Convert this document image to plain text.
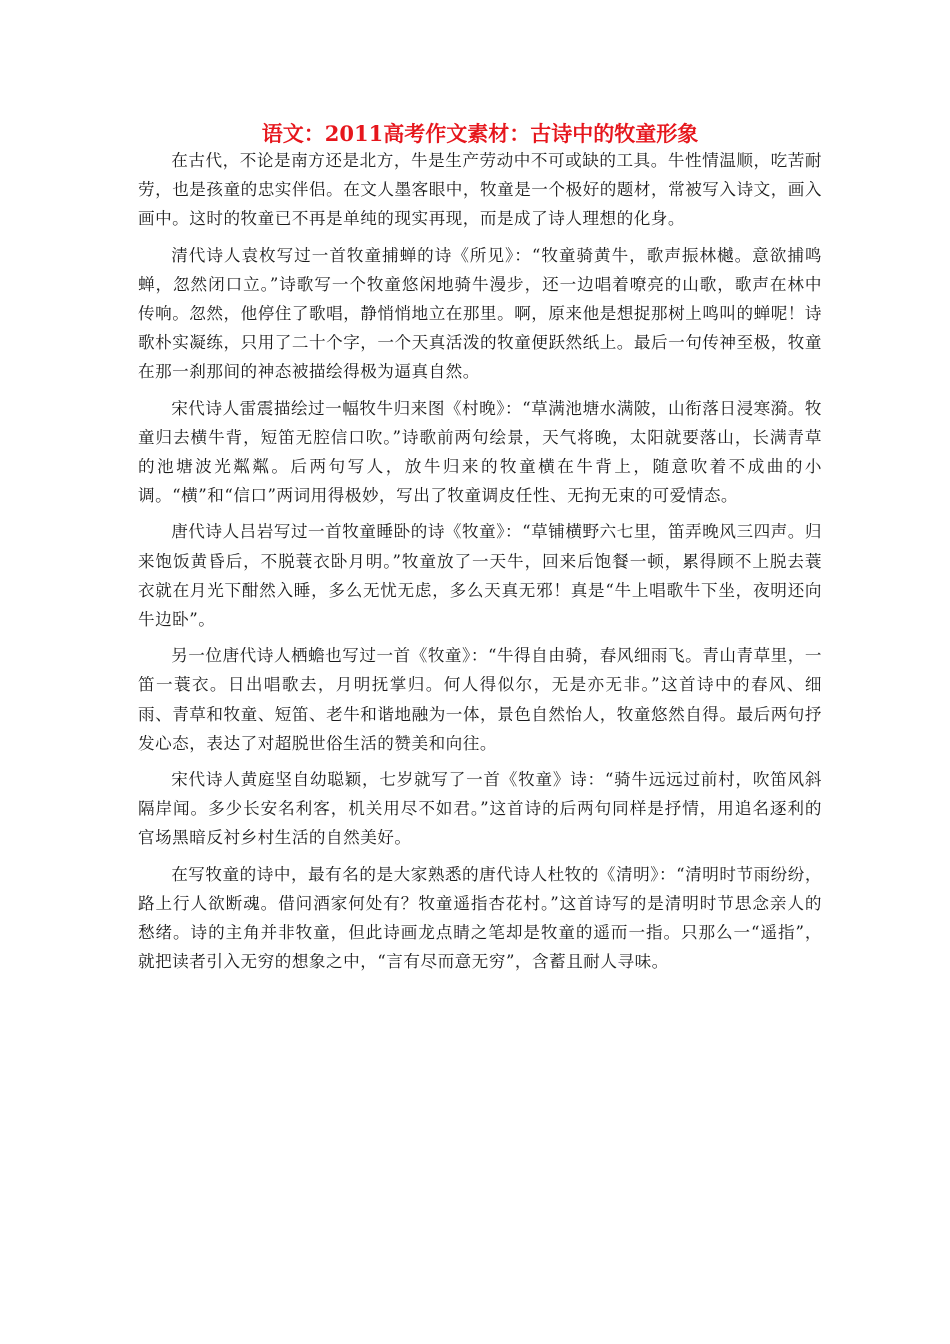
语文：2011高考作文素材：古诗中的牧童形象

在古代，不论是南方还是北方，牛是生产劳动中不可或缺的工具。牛性情温顺，吃苦耐劳，也是孩童的忠实伴侣。在文人墨客眼中，牧童是一个极好的题材，常被写入诗文，画入画中。这时的牧童已不再是单纯的现实再现，而是成了诗人理想的化身。

清代诗人袁枚写过一首牧童捕蝉的诗《所见》：“牧童骑黄牛，歌声振林樾。意欲捕鸣蝉，忽然闭口立。”诗歌写一个牧童悠闲地骑牛漫步，还一边唱着嘹亮的山歌，歌声在林中传响。忽然，他停住了歌唱，静悄悄地立在那里。啊，原来他是想捉那树上鸣叫的蝉呢！诗歌朴实凝练，只用了二十个字，一个天真活泼的牧童便跃然纸上。最后一句传神至极，牧童在那一刹那间的神态被描绘得极为逼真自然。

宋代诗人雷震描绘过一幅牧牛归来图《村晚》：“草满池塘水满陂，山衔落日浸寒漪。牧童归去横牛背，短笛无腔信口吹。”诗歌前两句绘景，天气将晚，太阳就要落山，长满青草的池塘波光粼粼。后两句写人，放牛归来的牧童横在牛背上，随意吹着不成曲的小调。“横”和“信口”两词用得极妙，写出了牧童调皮任性、无拘无束的可爱情态。

唐代诗人吕岩写过一首牧童睡卧的诗《牧童》：“草铺横野六七里，笛弄晚风三四声。归来饱饭黄昏后，不脱蓑衣卧月明。”牧童放了一天牛，回来后饱餐一顿，累得顾不上脱去蓑衣就在月光下酣然入睡，多么无忧无虑，多么天真无邪！真是“牛上唱歌牛下坐，夜明还向牛边卧”。

另一位唐代诗人栖蟾也写过一首《牧童》：“牛得自由骑，春风细雨飞。青山青草里，一笛一蓑衣。日出唱歌去，月明抚掌归。何人得似尔，无是亦无非。”这首诗中的春风、细雨、青草和牧童、短笛、老牛和谐地融为一体，景色自然怡人，牧童悠然自得。最后两句抒发心态，表达了对超脱世俗生活的赞美和向往。

宋代诗人黄庭坚自幼聪颖，七岁就写了一首《牧童》诗：“骑牛远远过前村，吹笛风斜隔岸闻。多少长安名利客，机关用尽不如君。”这首诗的后两句同样是抒情，用追名逐利的官场黑暗反衬乡村生活的自然美好。

在写牧童的诗中，最有名的是大家熟悉的唐代诗人杜牧的《清明》：“清明时节雨纷纷，路上行人欲断魂。借问酒家何处有？牧童遥指杏花村。”这首诗写的是清明时节思念亲人的愁绪。诗的主角并非牧童，但此诗画龙点睛之笔却是牧童的遥而一指。只那么一“遥指”，就把读者引入无穷的想象之中，“言有尽而意无穷”，含蓄且耐人寻味。
